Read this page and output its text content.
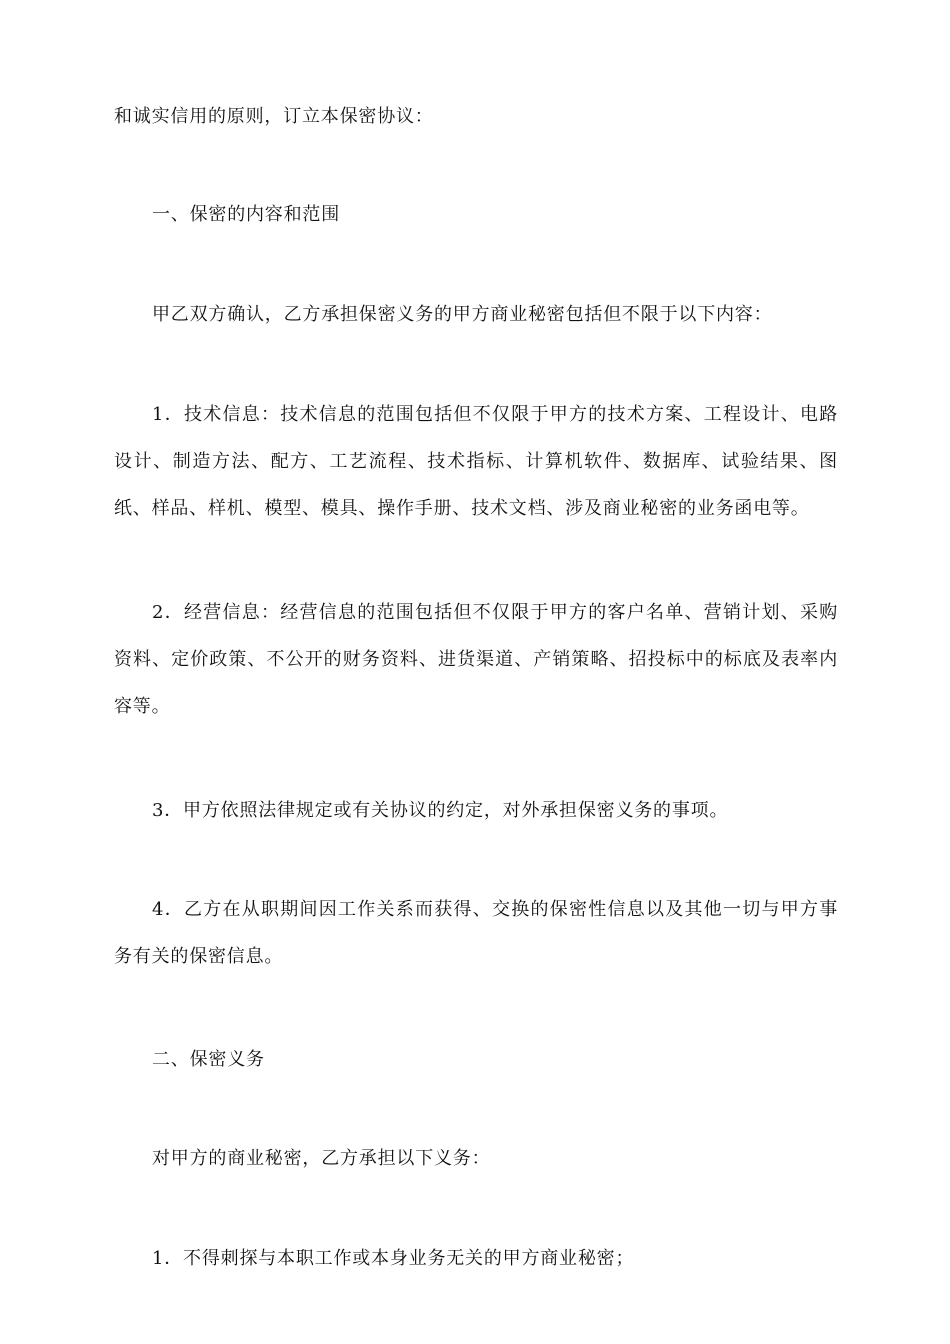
和诚实信用的原则，订立本保密协议：

一、保密的内容和范围

甲乙双方确认，乙方承担保密义务的甲方商业秘密包括但不限于以下内容：

1．技术信息：技术信息的范围包括但不仅限于甲方的技术方案、工程设计、电路设计、制造方法、配方、工艺流程、技术指标、计算机软件、数据库、试验结果、图纸、样品、样机、模型、模具、操作手册、技术文档、涉及商业秘密的业务函电等。

2．经营信息：经营信息的范围包括但不仅限于甲方的客户名单、营销计划、采购资料、定价政策、不公开的财务资料、进货渠道、产销策略、招投标中的标底及表率内容等。

3．甲方依照法律规定或有关协议的约定，对外承担保密义务的事项。

4．乙方在从职期间因工作关系而获得、交换的保密性信息以及其他一切与甲方事务有关的保密信息。

二、保密义务

对甲方的商业秘密，乙方承担以下义务：

1．不得刺探与本职工作或本身业务无关的甲方商业秘密；
